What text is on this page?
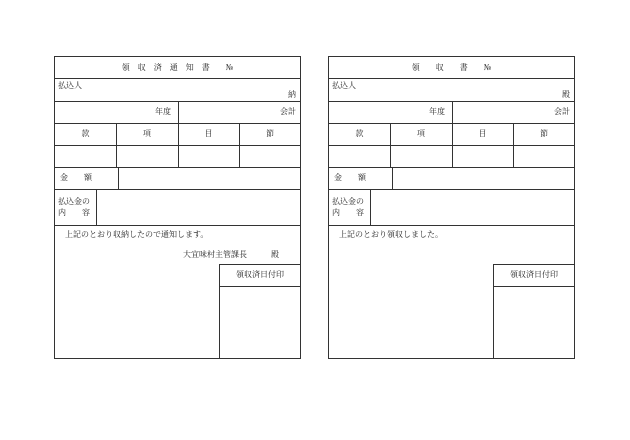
領　収　済　通　知　書　　№
払込人
納
年度	会計
款	項	目	節
金　　額
払込金の
内　　容
上記のとおり収納したので通知します。
大宜味村主管課長　　　殿
領収済日付印
領　　収　　書　　№
払込人
殿
年度	会計
款	項	目	節
金　　額
払込金の
内　　容
上記のとおり領収しました。
領収済日付印
